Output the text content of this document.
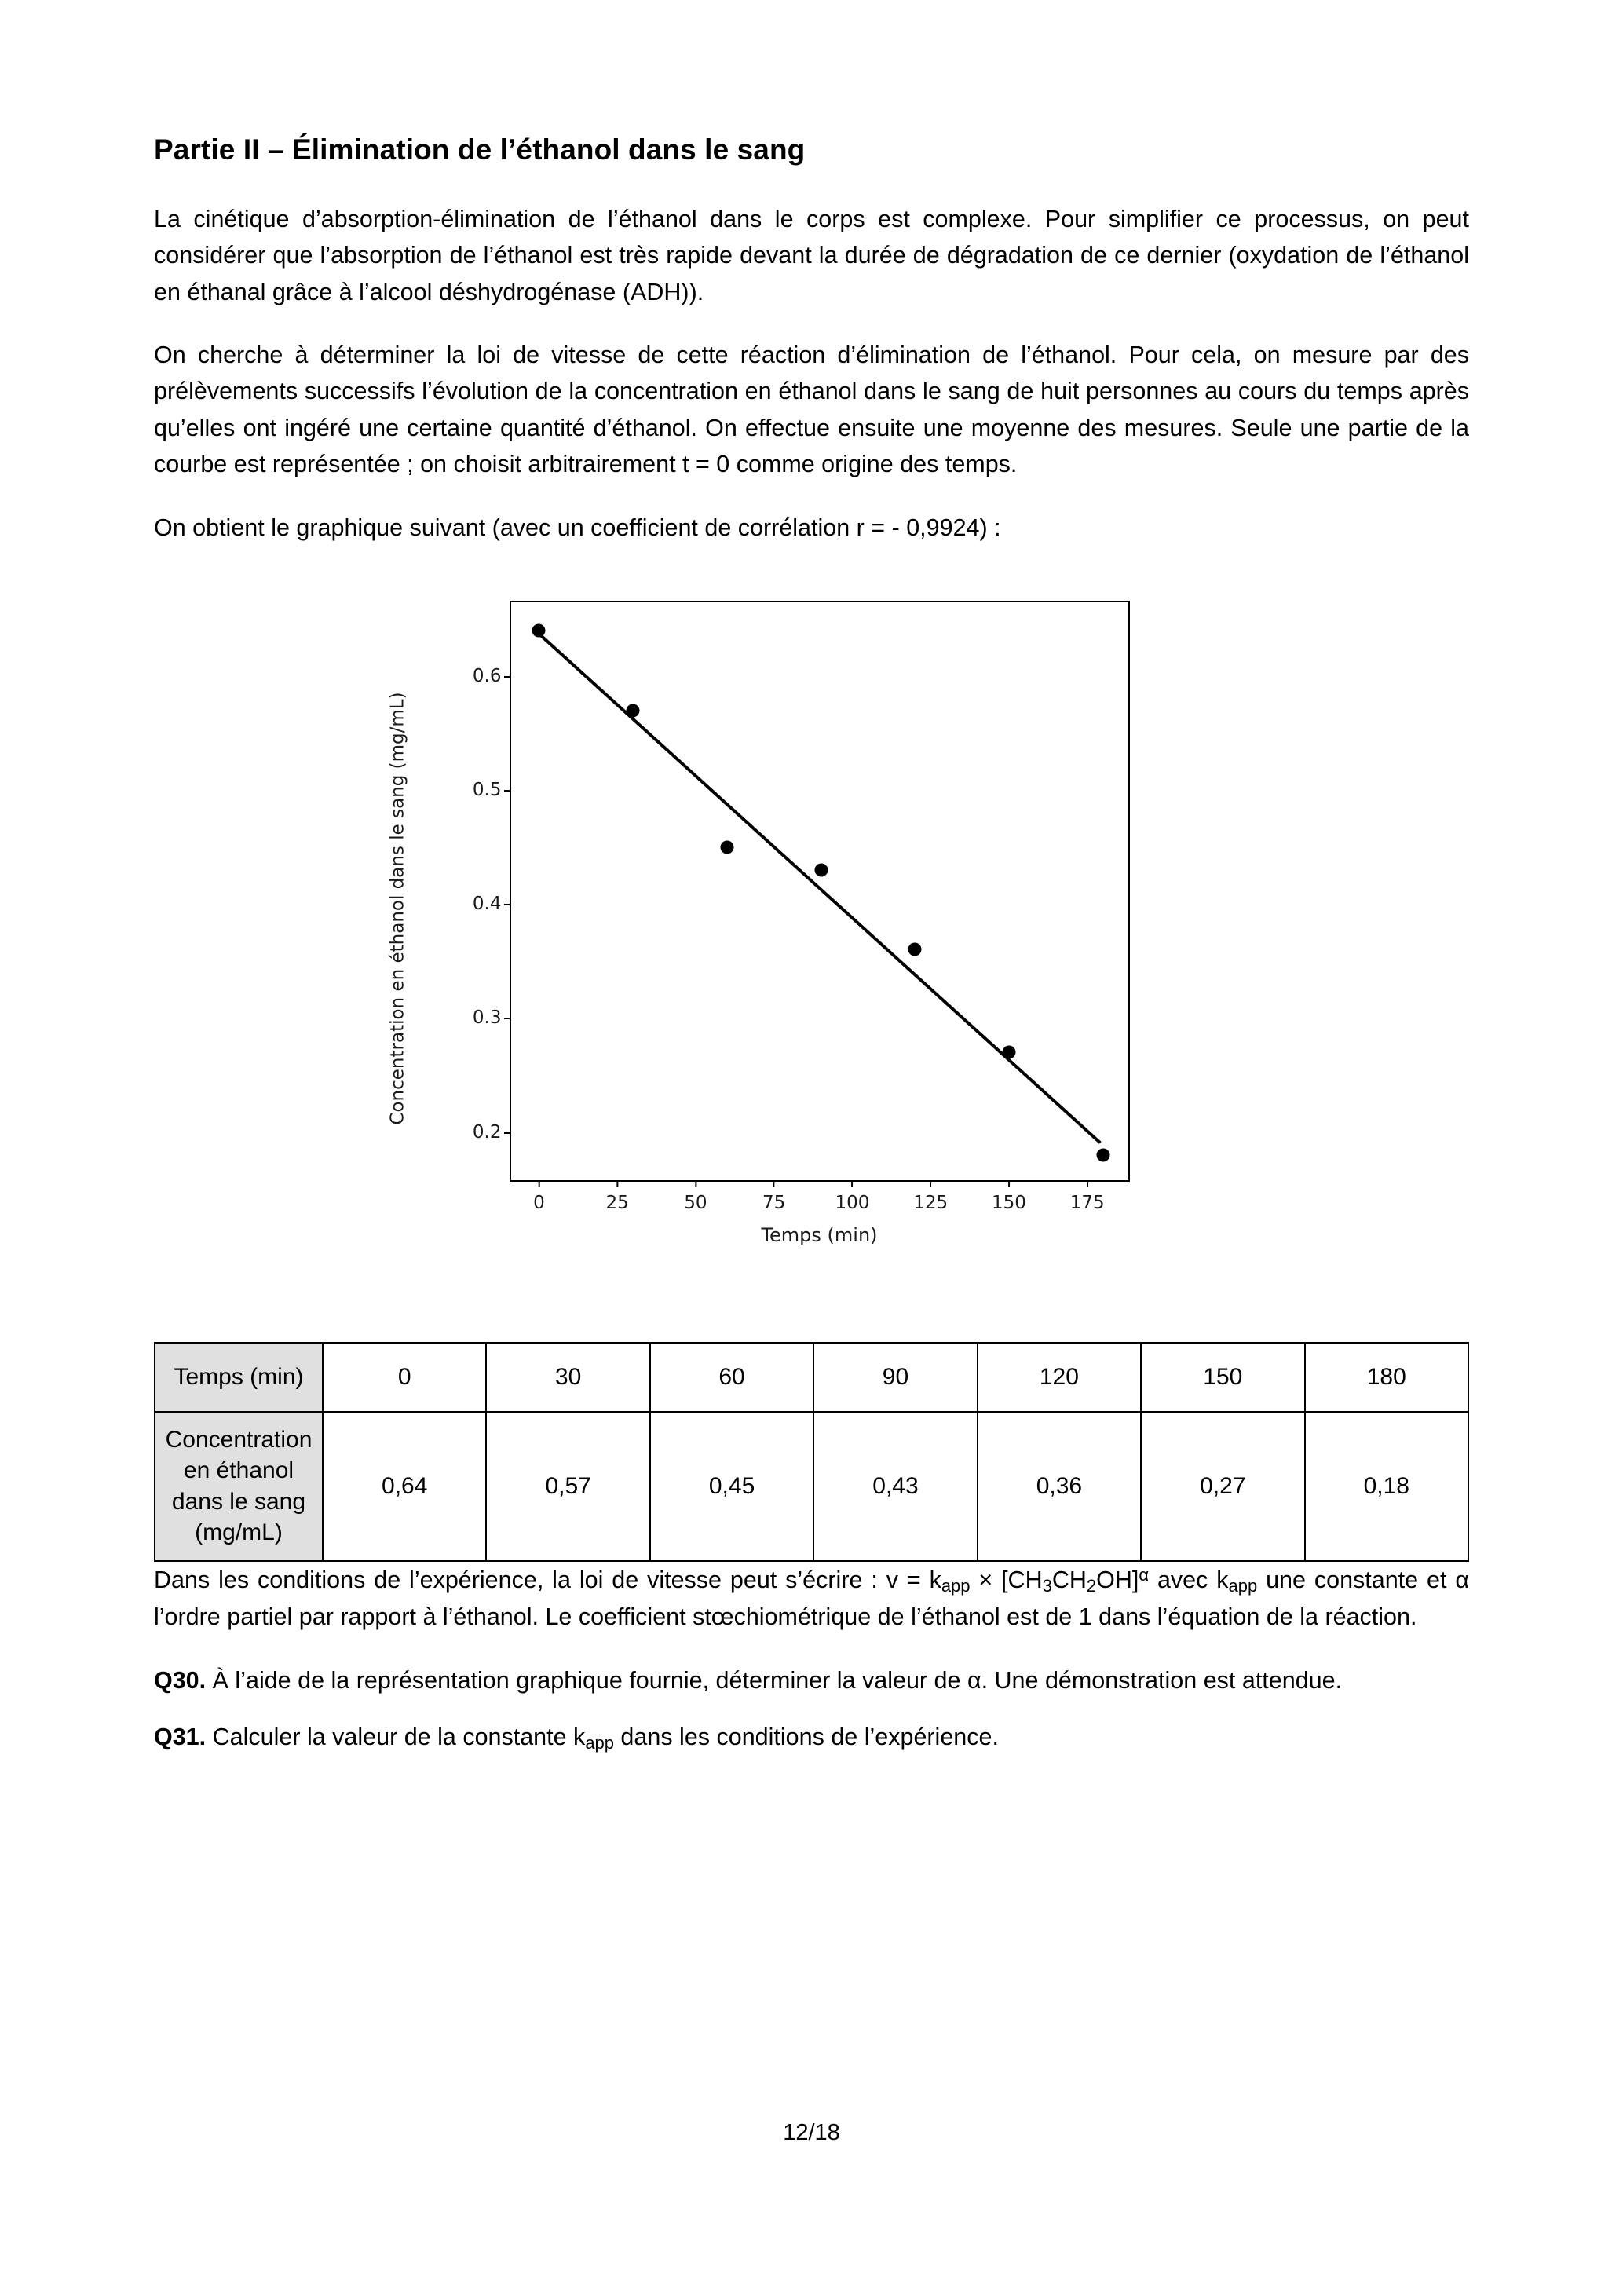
Partie II – Élimination de l’éthanol dans le sang

La cinétique d’absorption-élimination de l’éthanol dans le corps est complexe. Pour simplifier ce processus, on peut considérer que l’absorption de l’éthanol est très rapide devant la durée de dégradation de ce dernier (oxydation de l’éthanol en éthanal grâce à l’alcool déshydrogénase (ADH)).

On cherche à déterminer la loi de vitesse de cette réaction d’élimination de l’éthanol. Pour cela, on mesure par des prélèvements successifs l’évolution de la concentration en éthanol dans le sang de huit personnes au cours du temps après qu’elles ont ingéré une certaine quantité d’éthanol. On effectue ensuite une moyenne des mesures. Seule une partie de la courbe est représentée ; on choisit arbitrairement t = 0 comme origine des temps.

On obtient le graphique suivant (avec un coefficient de corrélation r = - 0,9924) :

Concentration en éthanol dans le sang (mg/mL)
0.2
0.3
0.4
0.5
0.6
0	25	50	75	100 125 150 175
Temps (min)
Temps (min)	0	30	60	90	120	150	180
Concentration
en éthanol
dans le sang
(mg/mL)	0,64	0,57	0,45	0,43	0,36	0,27	0,18

Dans les conditions de l’expérience, la loi de vitesse peut s’écrire : $v = k_{app} \times [CH_3CH_2OH]^\alpha$ avec $k_{app}$ une constante et α l’ordre partiel par rapport à l’éthanol. Le coefficient stœchiométrique de l’éthanol est de 1 dans l’équation de la réaction.

Q30. À l’aide de la représentation graphique fournie, déterminer la valeur de α. Une démonstration est attendue.
Q31. Calculer la valeur de la constante $k_{app}$ dans les conditions de l’expérience.
12/18
